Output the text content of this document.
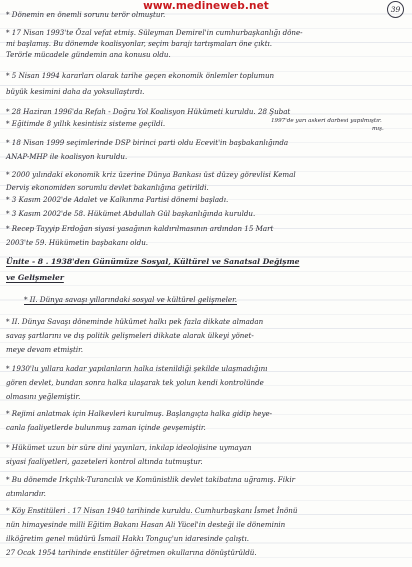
www.medineweb.net	39
* Dönemin en önemli sorunu terör olmuştur.
* 17 Nisan 1993'te Özal vefat etmiş. Süleyman Demirel'in cumhurbaşkanlığı döne-
mi başlamış. Bu dönemde koalisyonlar, seçim barajı tartışmaları öne çıktı.
Terörle mücadele gündemin ana konusu oldu.
* 5 Nisan 1994 kararları olarak tarihe geçen ekonomik önlemler toplumun
büyük kesimini daha da yoksullaştırdı.
* 28 Haziran 1996'da Refah - Doğru Yol Koalisyon Hükümeti kuruldu. 28 Şubat
1997'de yarı askeri darbesi yapılmıştır.
* Eğitimde 8 yıllık kesintisiz sisteme geçildi.
mış.
* 18 Nisan 1999 seçimlerinde DSP birinci parti oldu Ecevit'in başbakanlığında
ANAP-MHP ile koalisyon kuruldu.
* 2000 yılındaki ekonomik kriz üzerine Dünya Bankası üst düzey görevlisi Kemal
Derviş ekonomiden sorumlu devlet bakanlığına getirildi.
* 3 Kasım 2002'de Adalet ve Kalkınma Partisi dönemi başladı.
* 3 Kasım 2002'de 58. Hükümet Abdullah Gül başkanlığında kuruldu.
* Recep Tayyip Erdoğan siyasi yasağının kaldırılmasının ardından 15 Mart
2003'te 59. Hükümetin başbakanı oldu.
Ünite - 8 . 1938'den Günümüze Sosyal, Kültürel ve Sanatsal Değişme
ve Gelişmeler
* II. Dünya savaşı yıllarındaki sosyal ve kültürel gelişmeler.
* II. Dünya Savaşı döneminde hükümet halkı pek fazla dikkate almadan
savaş şartlarını ve dış politik gelişmeleri dikkate alarak ülkeyi yönet-
meye devam etmiştir.
* 1930'lu yıllara kadar yapılanların halka istenildiği şekilde ulaşmadığını
gören devlet, bundan sonra halka ulaşarak tek yolun kendi kontrolünde
olmasını yeğlemiştir.
* Rejimi anlatmak için Halkevleri kurulmuş. Başlangıçta halka gidip heye-
canla faaliyetlerde bulunmuş zaman içinde gevşemiştir.
* Hükümet uzun bir süre dini yayınları, inkılap ideolojisine uymayan
siyasi faaliyetleri, gazeteleri kontrol altında tutmuştur.
* Bu dönemde Irkçılık-Turancılık ve Komünistlik devlet takibatına uğramış. Fikir
atımlarıdır.
* Köy Enstitüleri . 17 Nisan 1940 tarihinde kuruldu. Cumhurbaşkanı İsmet İnönü
nün himayesinde milli Eğitim Bakanı Hasan Ali Yücel'in desteği ile döneminin
ilköğretim genel müdürü İsmail Hakkı Tonguç'un idaresinde çalıştı.
27 Ocak 1954 tarihinde enstitüler öğretmen okullarına dönüştürüldü.
